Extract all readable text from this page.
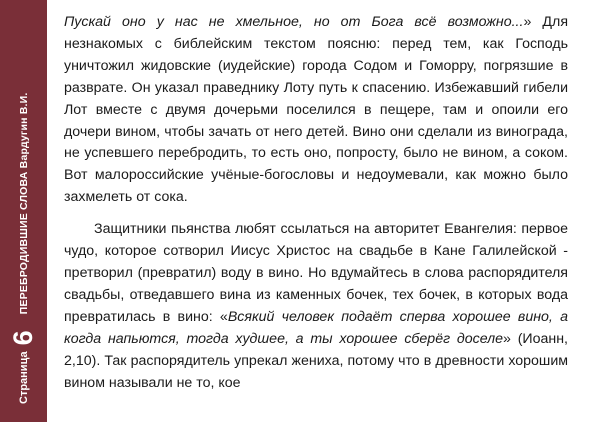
Страница
6
ПЕРЕБРОДИВШИЕ СЛОВА Вардугин В.И.

Пускай оно у нас не хмельное, но от Бога всё возможно...» Для незнакомых с библейским текстом поясню: перед тем, как Господь уничтожил жидовские (иудейские) города Содом и Гоморру, погрязшие в разврате. Он указал праведнику Лоту путь к спасению. Избежавший гибели Лот вместе с двумя дочерьми поселился в пещере, там и опоили его дочери вином, чтобы зачать от него детей. Вино они сделали из винограда, не успевшего перебродить, то есть оно, попросту, было не вином, а соком. Вот малороссийские учёные-богословы и недоумевали, как можно было захмелеть от сока.

Защитники пьянства любят ссылаться на авторитет Евангелия: первое чудо, которое сотворил Иисус Христос на свадьбе в Кане Галилейской - претворил (превратил) воду в вино. Но вдумайтесь в слова распорядителя свадьбы, отведавшего вина из каменных бочек, тех бочек, в которых вода превратилась в вино: «Всякий человек подаёт сперва хорошее вино, а когда напьются, тогда худшее, а ты хорошее сберёг доселе» (Иоанн, 2,10). Так распорядитель упрекал жениха, потому что в древности хорошим вином называли не то, кое
